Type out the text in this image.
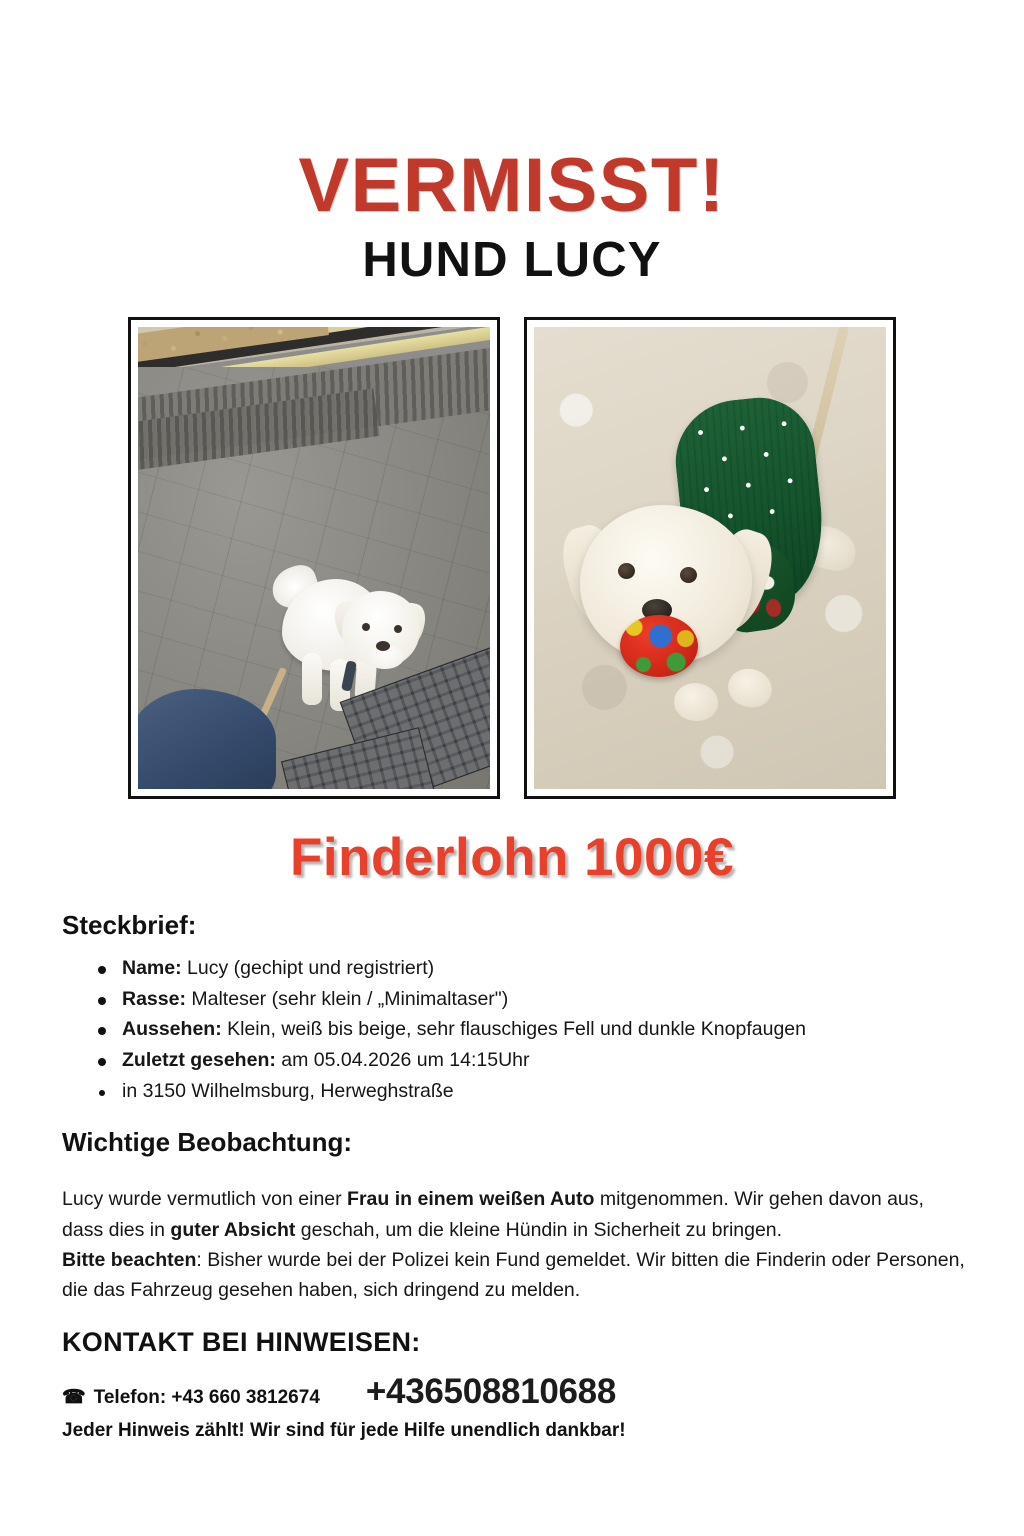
VERMISST!
HUND LUCY
Finderlohn 1000€
Steckbrief:
Name: Lucy (gechipt und registriert)
Rasse: Malteser (sehr klein / „Minimaltaser")
Aussehen: Klein, weiß bis beige, sehr flauschiges Fell und dunkle Knopfaugen
Zuletzt gesehen: am 05.04.2026 um 14:15Uhr
in 3150 Wilhelmsburg, Herweghstraße
Wichtige Beobachtung:

Lucy wurde vermutlich von einer Frau in einem weißen Auto mitgenommen. Wir gehen davon aus, dass dies in guter Absicht geschah, um die kleine Hündin in Sicherheit zu bringen.
Bitte beachten: Bisher wurde bei der Polizei kein Fund gemeldet. Wir bitten die Finderin oder Personen, die das Fahrzeug gesehen haben, sich dringend zu melden.

KONTAKT BEI HINWEISEN:
☎ Telefon: +43 660 3812674 +436508810688
Jeder Hinweis zählt! Wir sind für jede Hilfe unendlich dankbar!
